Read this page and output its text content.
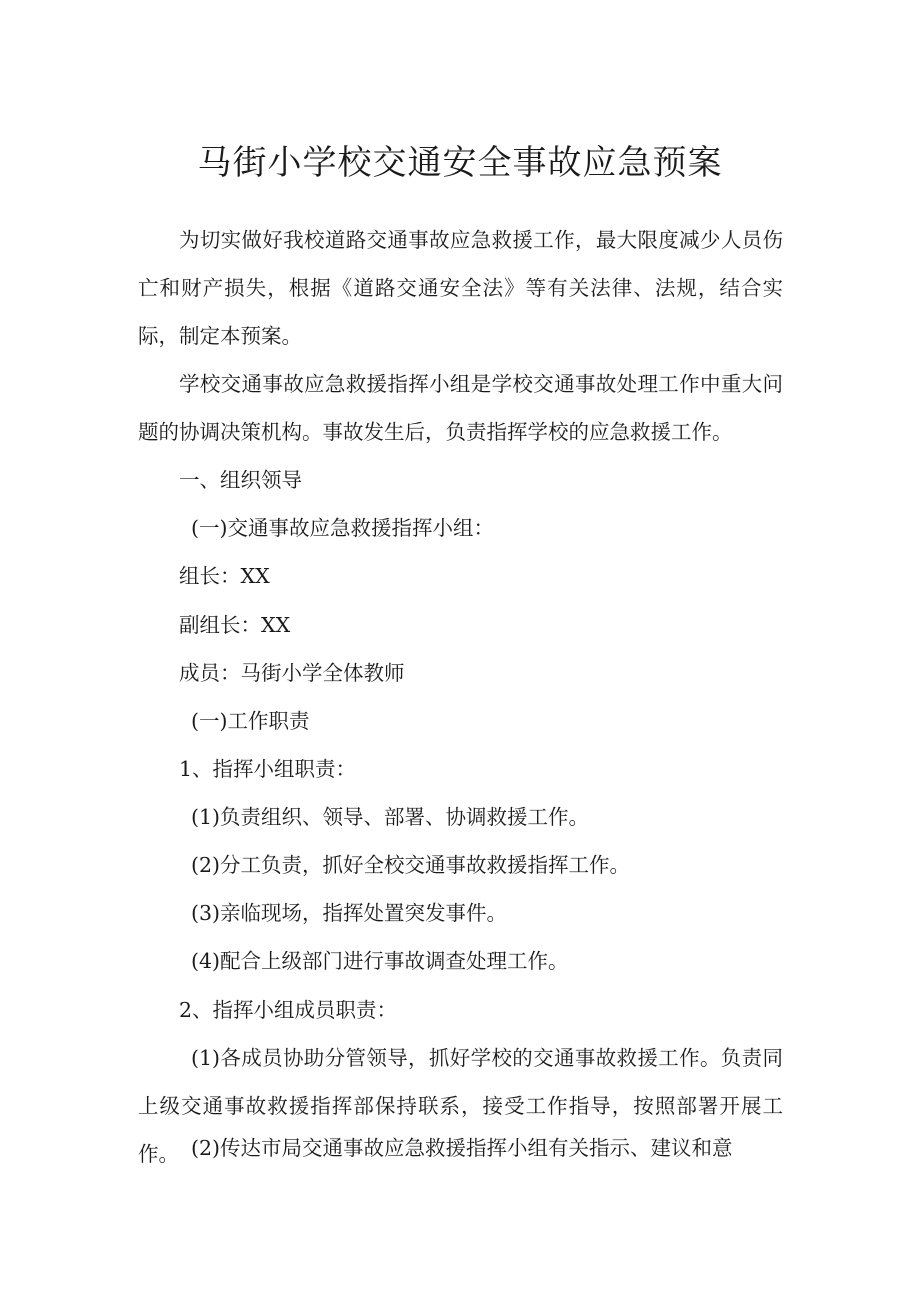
马街小学校交通安全事故应急预案

为切实做好我校道路交通事故应急救援工作，最大限度减少人员伤亡和财产损失，根据《道路交通安全法》等有关法律、法规，结合实际，制定本预案。

学校交通事故应急救援指挥小组是学校交通事故处理工作中重大问题的协调决策机构。事故发生后，负责指挥学校的应急救援工作。

一、组织领导

(一)交通事故应急救援指挥小组：

组长：XX

副组长：XX

成员：马街小学全体教师

(一)工作职责

1、指挥小组职责：

(1)负责组织、领导、部署、协调救援工作。

(2)分工负责，抓好全校交通事故救援指挥工作。

(3)亲临现场，指挥处置突发事件。

(4)配合上级部门进行事故调查处理工作。

2、指挥小组成员职责：

(1)各成员协助分管领导，抓好学校的交通事故救援工作。负责同上级交通事故救援指挥部保持联系，接受工作指导，按照部署开展工作。 (2)传达市局交通事故应急救援指挥小组有关指示、建议和意
